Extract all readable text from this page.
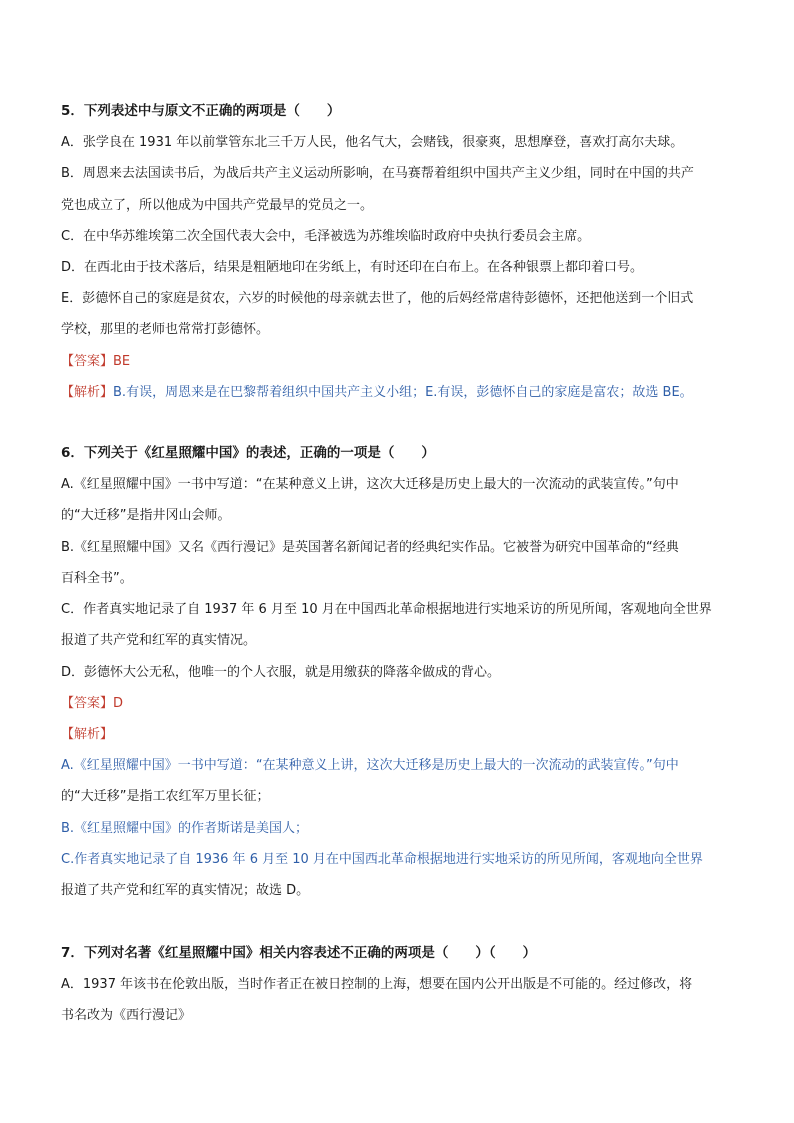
5．下列表述中与原文不正确的两项是（　　）
A．张学良在 1931 年以前掌管东北三千万人民，他名气大，会赌钱，很豪爽，思想摩登，喜欢打高尔夫球。
B．周恩来去法国读书后，为战后共产主义运动所影响，在马赛帮着组织中国共产主义少组，同时在中国的共产
党也成立了，所以他成为中国共产党最早的党员之一。
C．在中华苏维埃第二次全国代表大会中，毛泽被选为苏维埃临时政府中央执行委员会主席。
D．在西北由于技术落后，结果是粗陋地印在劣纸上，有时还印在白布上。在各种银票上都印着口号。
E．彭德怀自己的家庭是贫农，六岁的时候他的母亲就去世了，他的后妈经常虐待彭德怀，还把他送到一个旧式
学校，那里的老师也常常打彭德怀。
【答案】BE
【解析】B.有误，周恩来是在巴黎帮着组织中国共产主义小组；E.有误，彭德怀自己的家庭是富农；故选 BE。
6．下列关于《红星照耀中国》的表述，正确的一项是（　　）
A.《红星照耀中国》一书中写道：“在某种意义上讲，这次大迁移是历史上最大的一次流动的武装宣传。”句中
的“大迁移”是指井冈山会师。
B.《红星照耀中国》又名《西行漫记》是英国著名新闻记者的经典纪实作品。它被誉为研究中国革命的“经典
百科全书”。
C．作者真实地记录了自 1937 年 6 月至 10 月在中国西北革命根据地进行实地采访的所见所闻，客观地向全世界
报道了共产党和红军的真实情况。
D．彭德怀大公无私，他唯一的个人衣服，就是用缴获的降落伞做成的背心。
【答案】D
【解析】
A.《红星照耀中国》一书中写道：“在某种意义上讲，这次大迁移是历史上最大的一次流动的武装宣传。”句中
的“大迁移”是指工农红军万里长征；
B.《红星照耀中国》的作者斯诺是美国人；
C.作者真实地记录了自 1936 年 6 月至 10 月在中国西北革命根据地进行实地采访的所见所闻，客观地向全世界
报道了共产党和红军的真实情况；故选 D。
7．下列对名著《红星照耀中国》相关内容表述不正确的两项是（　　）（　　）
A．1937 年该书在伦敦出版，当时作者正在被日控制的上海，想要在国内公开出版是不可能的。经过修改，将
书名改为《西行漫记》
